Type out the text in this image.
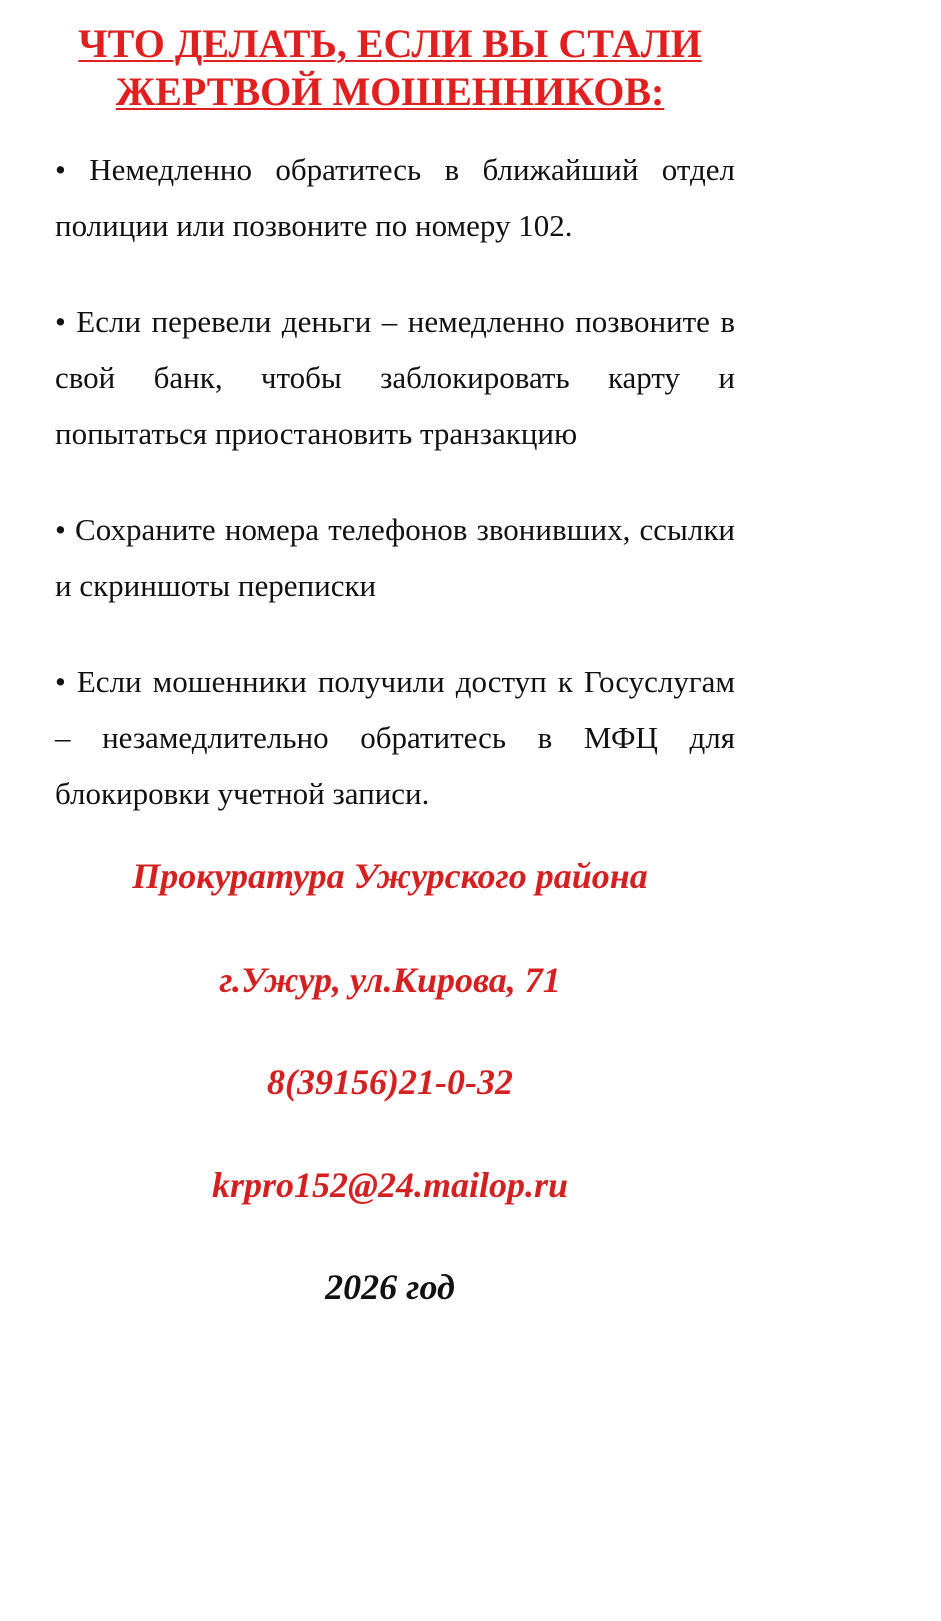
ЧТО ДЕЛАТЬ, ЕСЛИ ВЫ СТАЛИ
ЖЕРТВОЙ МОШЕННИКОВ:
• Немедленно обратитесь в ближайший отдел полиции или позвоните по номеру 102.
• Если перевели деньги – немедленно позвоните в свой банк, чтобы заблокировать карту и попытаться приостановить транзакцию
• Сохраните номера телефонов звонивших, ссылки и скриншоты переписки
• Если мошенники получили доступ к Госуслугам – незамедлительно обратитесь в МФЦ для блокировки учетной записи.
Прокуратура Ужурского района
г.Ужур, ул.Кирова, 71
8(39156)21-0-32
krpro152@24.mailop.ru
2026 год
